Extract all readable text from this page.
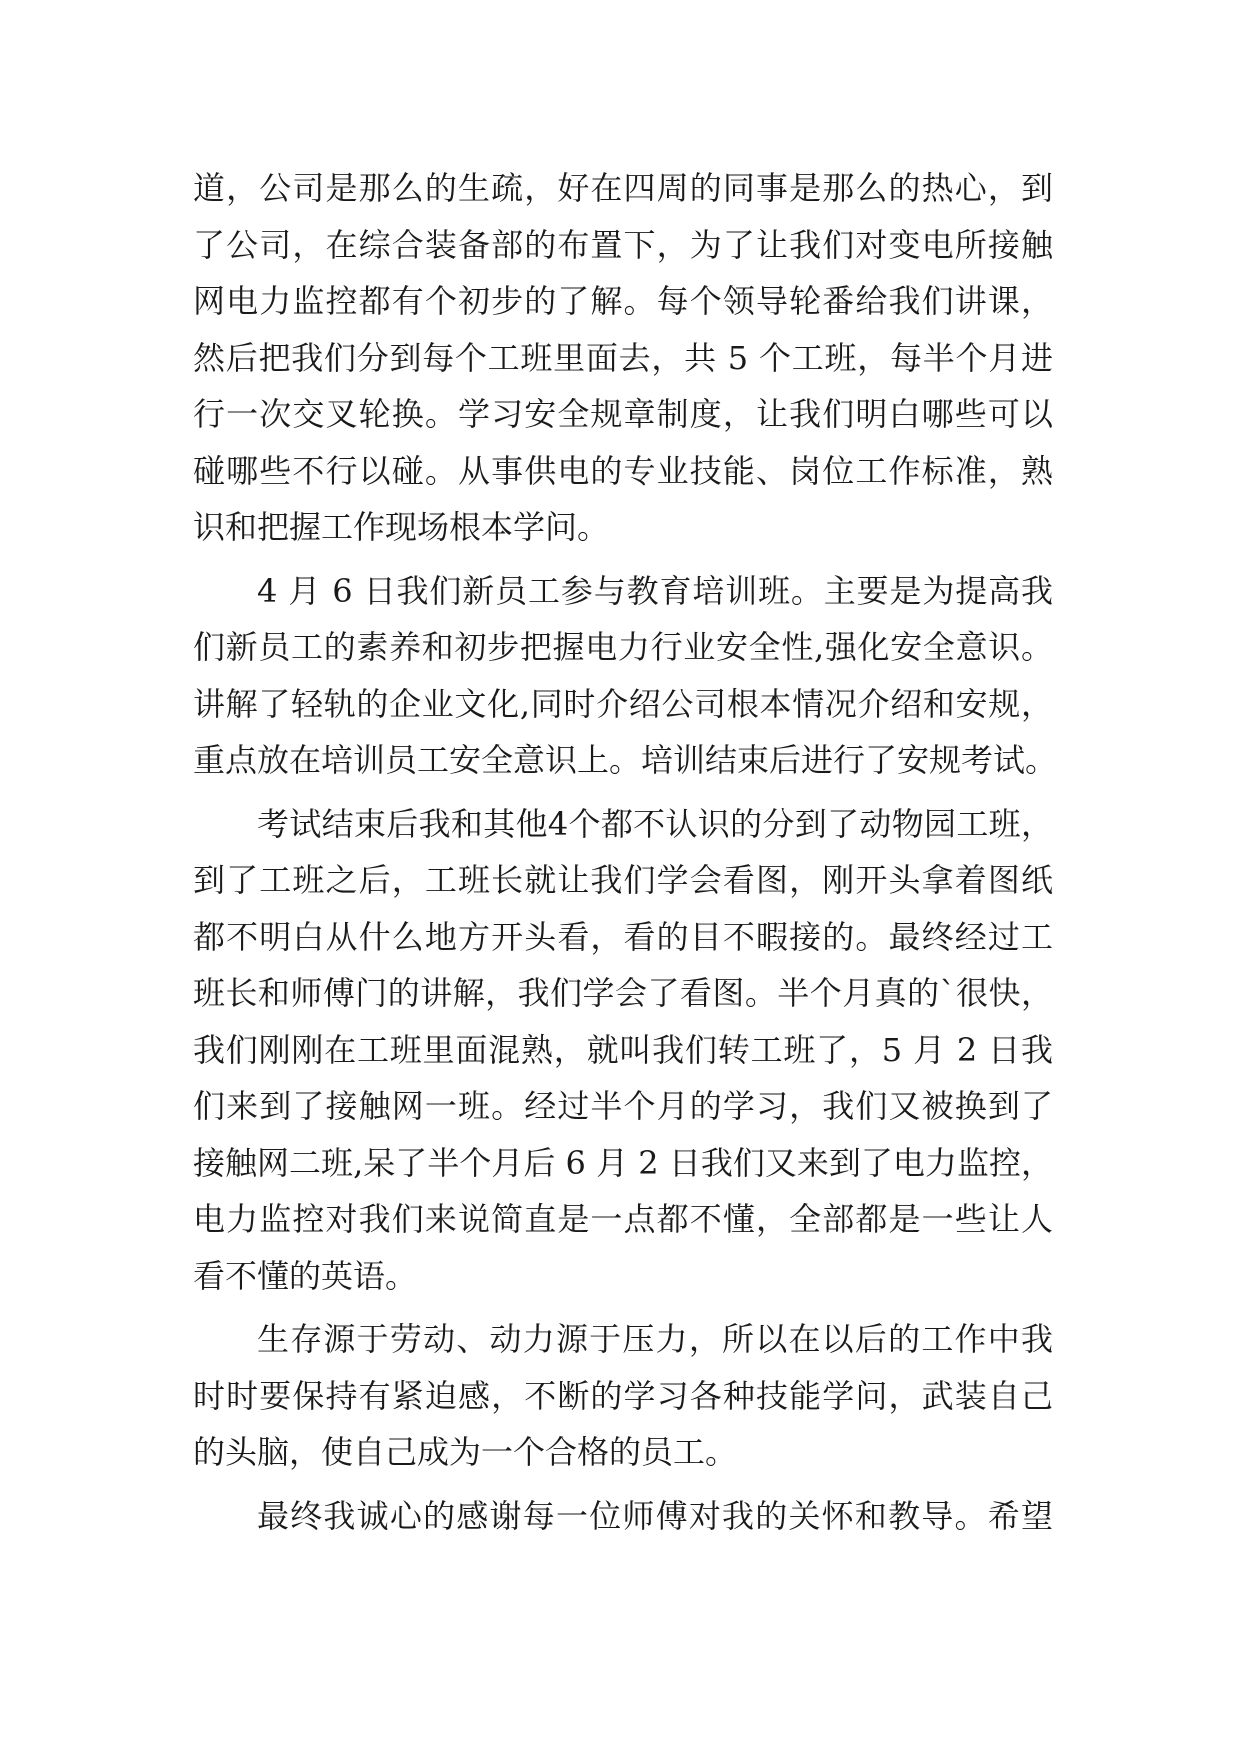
道，公司是那么的生疏，好在四周的同事是那么的热心，到
了公司，在综合装备部的布置下，为了让我们对变电所接触
网电力监控都有个初步的了解。每个领导轮番给我们讲课，
然后把我们分到每个工班里面去，共 5 个工班，每半个月进
行一次交叉轮换。学习安全规章制度，让我们明白哪些可以
碰哪些不行以碰。从事供电的专业技能、岗位工作标准，熟
识和把握工作现场根本学问。
4 月 6 日我们新员工参与教育培训班。主要是为提高我
们新员工的素养和初步把握电力行业安全性,强化安全意识。
讲解了轻轨的企业文化,同时介绍公司根本情况介绍和安规，
重点放在培训员工安全意识上。培训结束后进行了安规考试。
考试结束后我和其他4个都不认识的分到了动物园工班，
到了工班之后，工班长就让我们学会看图，刚开头拿着图纸
都不明白从什么地方开头看，看的目不暇接的。最终经过工
班长和师傅门的讲解，我们学会了看图。半个月真的`很快，
我们刚刚在工班里面混熟，就叫我们转工班了，5 月 2 日我
们来到了接触网一班。经过半个月的学习，我们又被换到了
接触网二班,呆了半个月后 6 月 2 日我们又来到了电力监控，
电力监控对我们来说简直是一点都不懂，全部都是一些让人
看不懂的英语。
生存源于劳动、动力源于压力，所以在以后的工作中我
时时要保持有紧迫感，不断的学习各种技能学问，武装自己
的头脑，使自己成为一个合格的员工。
最终我诚心的感谢每一位师傅对我的关怀和教导。希望
